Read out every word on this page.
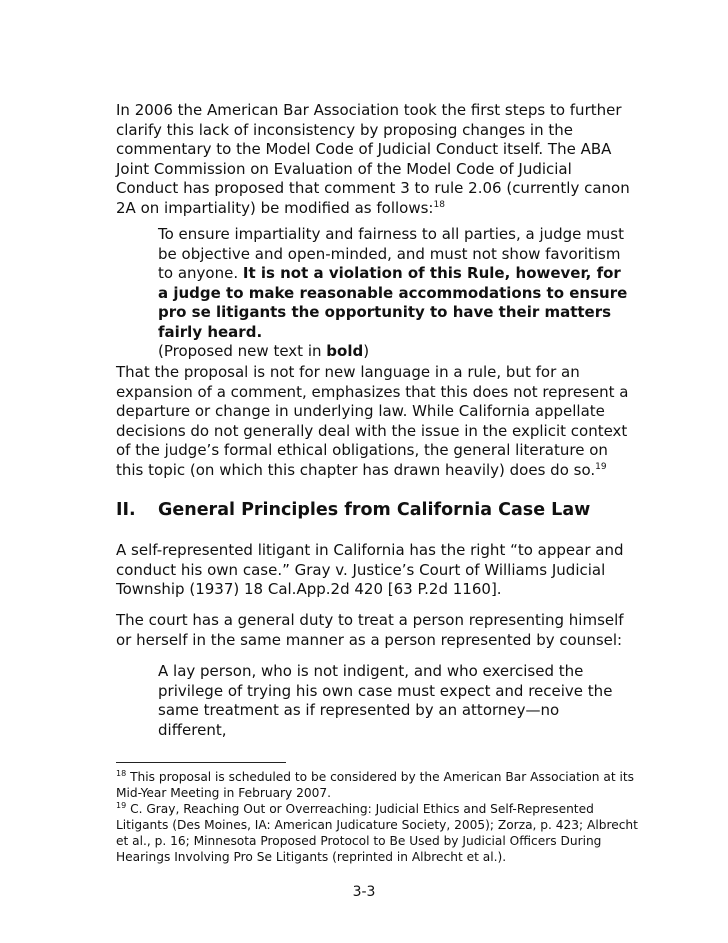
In 2006 the American Bar Association took the first steps to further clarify this lack of inconsistency by proposing changes in the commentary to the Model Code of Judicial Conduct itself. The ABA Joint Commission on Evaluation of the Model Code of Judicial Conduct has proposed that comment 3 to rule 2.06 (currently canon 2A on impartiality) be modified as follows:$^{18}$

To ensure impartiality and fairness to all parties, a judge must be objective and open-minded, and must not show favoritism to anyone. It is not a violation of this Rule, however, for a judge to make reasonable accommodations to ensure pro se litigants the opportunity to have their matters fairly heard.
(Proposed new text in bold)

That the proposal is not for new language in a rule, but for an expansion of a comment, emphasizes that this does not represent a departure or change in underlying law. While California appellate decisions do not generally deal with the issue in the explicit context of the judge’s formal ethical obligations, the general literature on this topic (on which this chapter has drawn heavily) does do so.$^{19}$

II. General Principles from California Case Law

A self-represented litigant in California has the right “to appear and conduct his own case.” Gray v. Justice’s Court of Williams Judicial Township (1937) 18 Cal.App.2d 420 [63 P.2d 1160].

The court has a general duty to treat a person representing himself or herself in the same manner as a person represented by counsel:

A lay person, who is not indigent, and who exercised the privilege of trying his own case must expect and receive the same treatment as if represented by an attorney—no different,

$^{18}$ This proposal is scheduled to be considered by the American Bar Association at its Mid-Year Meeting in February 2007.

$^{19}$ C. Gray, Reaching Out or Overreaching: Judicial Ethics and Self-Represented Litigants (Des Moines, IA: American Judicature Society, 2005); Zorza, p. 423; Albrecht et al., p. 16; Minnesota Proposed Protocol to Be Used by Judicial Officers During Hearings Involving Pro Se Litigants (reprinted in Albrecht et al.).

3-3
